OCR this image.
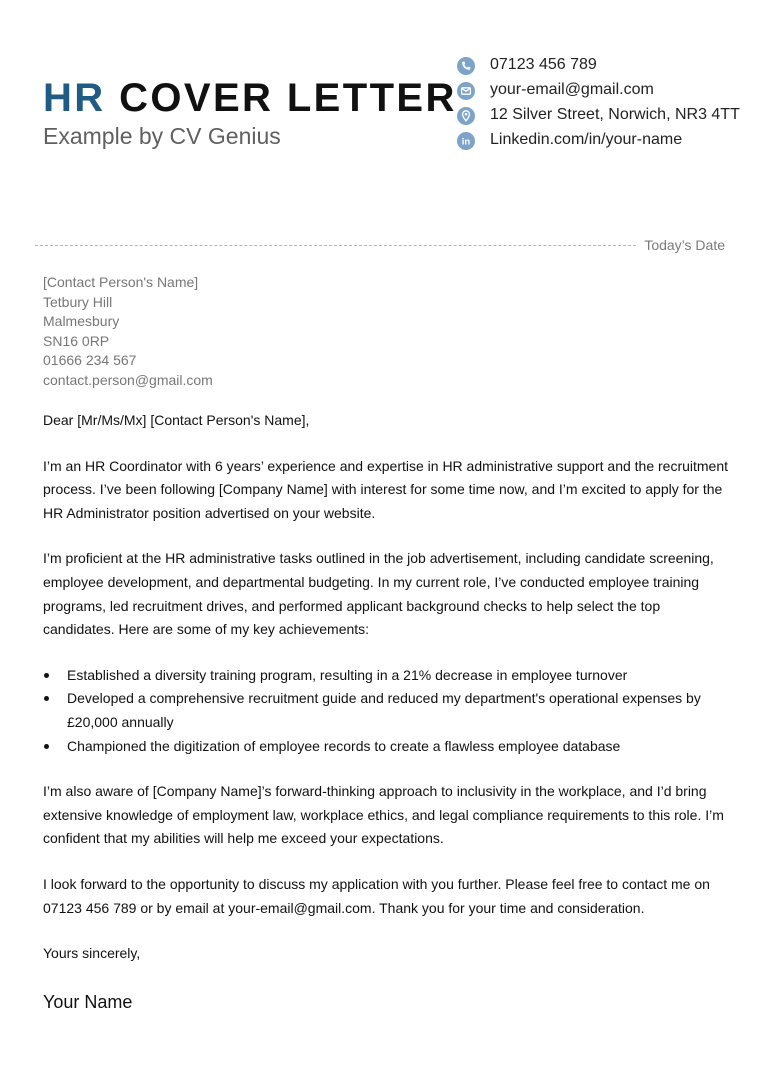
HR COVER LETTER
Example by CV Genius
07123 456 789
your-email@gmail.com
12 Silver Street, Norwich, NR3 4TT
in Linkedin.com/in/your-name
Today’s Date
[Contact Person's Name]
Tetbury Hill
Malmesbury
SN16 0RP
01666 234 567
contact.person@gmail.com

Dear [Mr/Ms/Mx] [Contact Person's Name],

I’m an HR Coordinator with 6 years’ experience and expertise in HR administrative support and the recruitment process. I’ve been following [Company Name] with interest for some time now, and I’m excited to apply for the HR Administrator position advertised on your website.

I’m proficient at the HR administrative tasks outlined in the job advertisement, including candidate screening, employee development, and departmental budgeting. In my current role, I’ve conducted employee training programs, led recruitment drives, and performed applicant background checks to help select the top candidates. Here are some of my key achievements:

Established a diversity training program, resulting in a 21% decrease in employee turnover
Developed a comprehensive recruitment guide and reduced my department's operational expenses by £20,000 annually
Championed the digitization of employee records to create a flawless employee database

I’m also aware of [Company Name]’s forward-thinking approach to inclusivity in the workplace, and I’d bring extensive knowledge of employment law, workplace ethics, and legal compliance requirements to this role. I’m confident that my abilities will help me exceed your expectations.

I look forward to the opportunity to discuss my application with you further. Please feel free to contact me on 07123 456 789 or by email at your-email@gmail.com. Thank you for your time and consideration.

Yours sincerely,

Your Name
